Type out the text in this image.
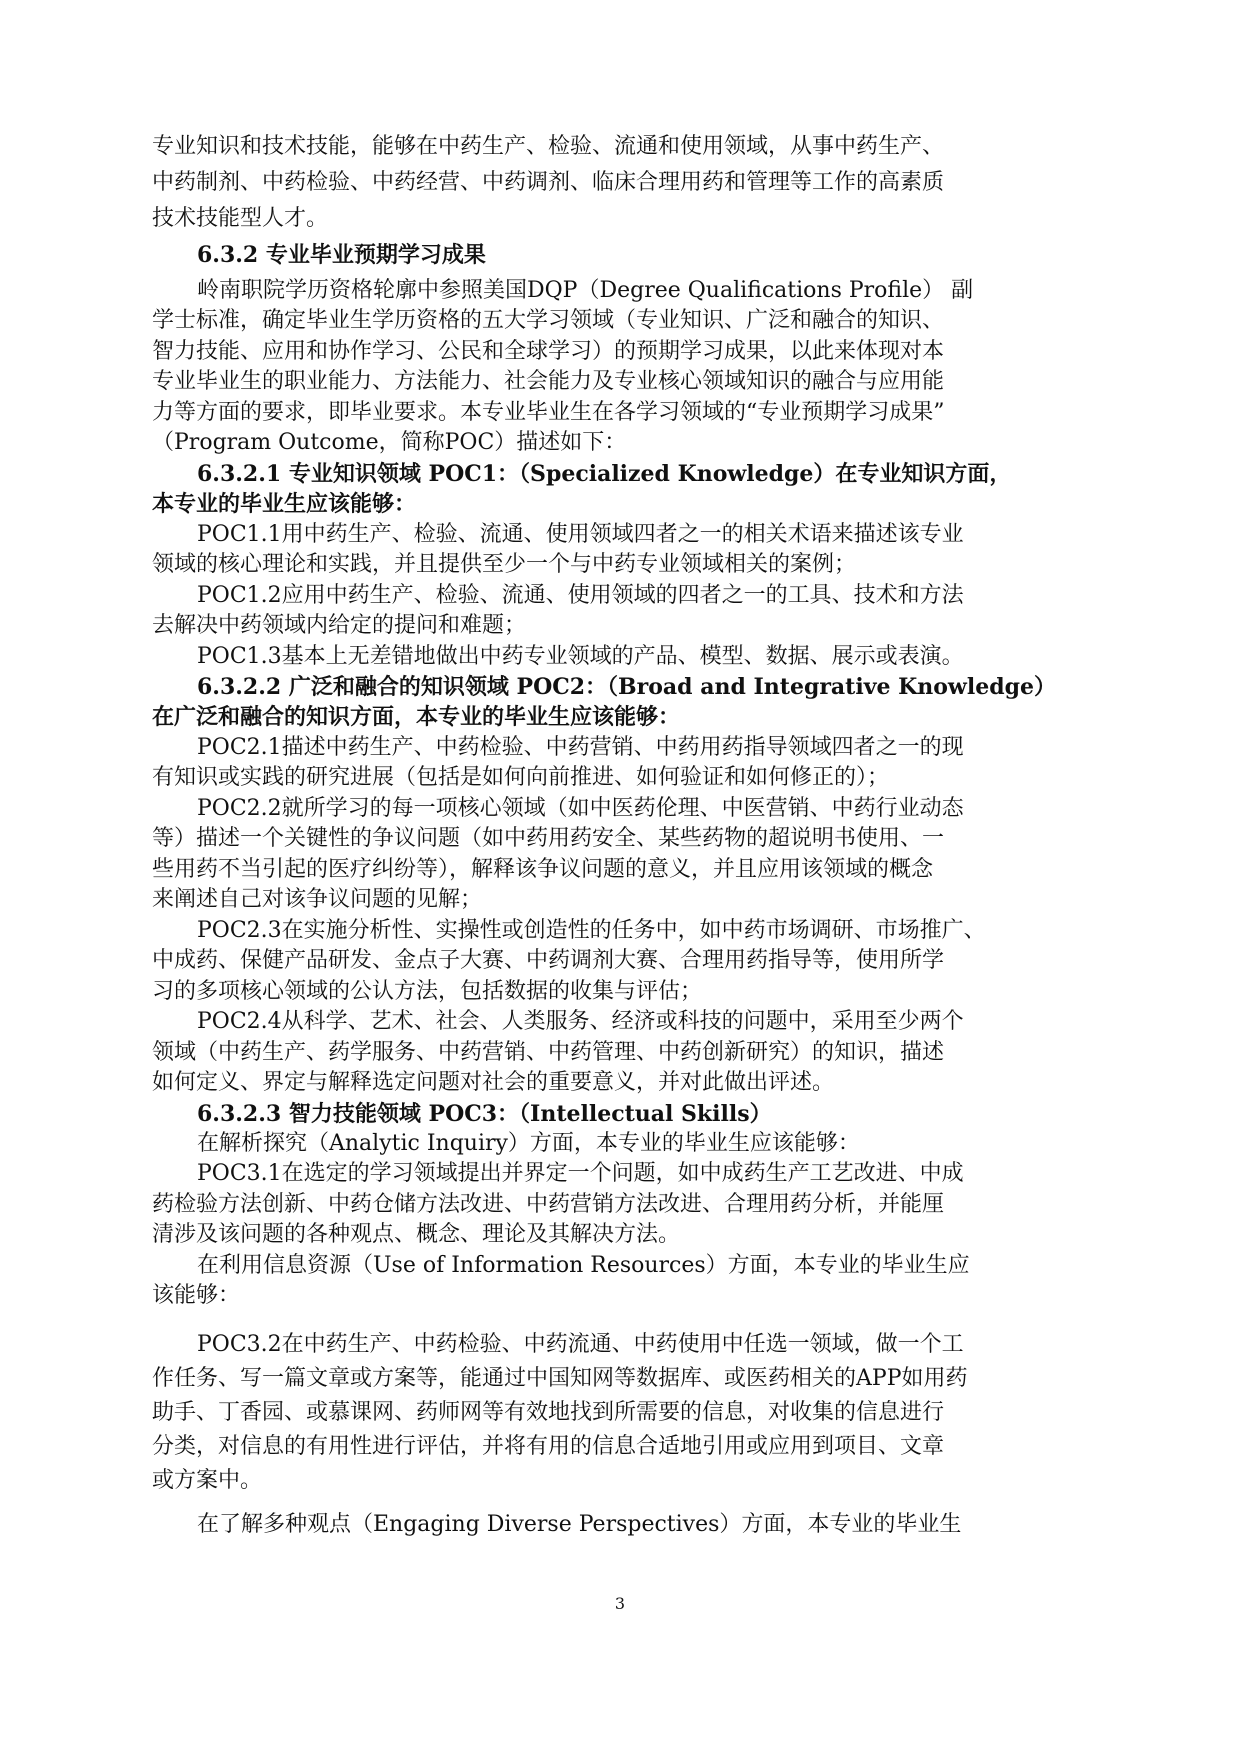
专业知识和技术技能，能够在中药生产、检验、流通和使用领域，从事中药生产、
中药制剂、中药检验、中药经营、中药调剂、临床合理用药和管理等工作的高素质
技术技能型人才。
6.3.2 专业毕业预期学习成果
岭南职院学历资格轮廓中参照美国DQP（Degree Qualifications Profile） 副
学士标准，确定毕业生学历资格的五大学习领域（专业知识、广泛和融合的知识、
智力技能、应用和协作学习、公民和全球学习）的预期学习成果，以此来体现对本
专业毕业生的职业能力、方法能力、社会能力及专业核心领域知识的融合与应用能
力等方面的要求，即毕业要求。本专业毕业生在各学习领域的“专业预期学习成果”
（Program Outcome，简称POC）描述如下：
6.3.2.1 专业知识领域 POC1：（Specialized Knowledge）在专业知识方面，
本专业的毕业生应该能够：
POC1.1用中药生产、检验、流通、使用领域四者之一的相关术语来描述该专业
领域的核心理论和实践，并且提供至少一个与中药专业领域相关的案例；
POC1.2应用中药生产、检验、流通、使用领域的四者之一的工具、技术和方法
去解决中药领域内给定的提问和难题；
POC1.3基本上无差错地做出中药专业领域的产品、模型、数据、展示或表演。
6.3.2.2 广泛和融合的知识领域 POC2：（Broad and Integrative Knowledge）
在广泛和融合的知识方面，本专业的毕业生应该能够：
POC2.1描述中药生产、中药检验、中药营销、中药用药指导领域四者之一的现
有知识或实践的研究进展（包括是如何向前推进、如何验证和如何修正的）；
POC2.2就所学习的每一项核心领域（如中医药伦理、中医营销、中药行业动态
等）描述一个关键性的争议问题（如中药用药安全、某些药物的超说明书使用、一
些用药不当引起的医疗纠纷等），解释该争议问题的意义，并且应用该领域的概念
来阐述自己对该争议问题的见解；
POC2.3在实施分析性、实操性或创造性的任务中，如中药市场调研、市场推广、
中成药、保健产品研发、金点子大赛、中药调剂大赛、合理用药指导等，使用所学
习的多项核心领域的公认方法，包括数据的收集与评估；
POC2.4从科学、艺术、社会、人类服务、经济或科技的问题中，采用至少两个
领域（中药生产、药学服务、中药营销、中药管理、中药创新研究）的知识，描述
如何定义、界定与解释选定问题对社会的重要意义，并对此做出评述。
6.3.2.3 智力技能领域 POC3：（Intellectual Skills）
在解析探究（Analytic Inquiry）方面，本专业的毕业生应该能够：
POC3.1在选定的学习领域提出并界定一个问题，如中成药生产工艺改进、中成
药检验方法创新、中药仓储方法改进、中药营销方法改进、合理用药分析，并能厘
清涉及该问题的各种观点、概念、理论及其解决方法。
在利用信息资源（Use of Information Resources）方面，本专业的毕业生应
该能够：
POC3.2在中药生产、中药检验、中药流通、中药使用中任选一领域，做一个工
作任务、写一篇文章或方案等，能通过中国知网等数据库、或医药相关的APP如用药
助手、丁香园、或慕课网、药师网等有效地找到所需要的信息，对收集的信息进行
分类，对信息的有用性进行评估，并将有用的信息合适地引用或应用到项目、文章
或方案中。
在了解多种观点（Engaging Diverse Perspectives）方面，本专业的毕业生
3
